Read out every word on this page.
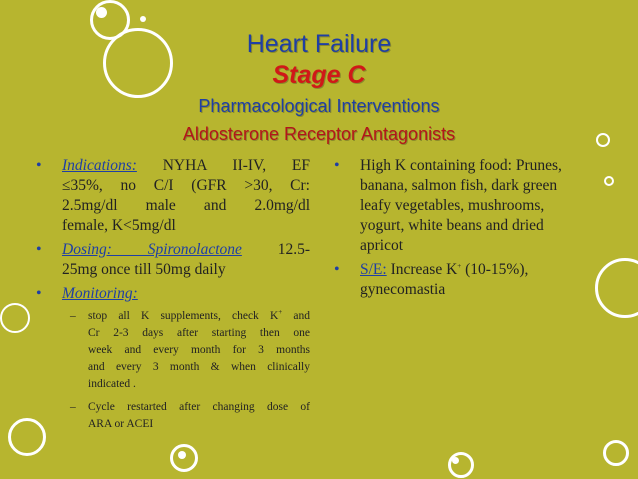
Heart Failure
Stage C
Pharmacological Interventions
Aldosterone Receptor Antagonists
• Indications: NYHA II-IV, EF
≤35%, no C/I (GFR >30, Cr:
2.5mg/dl male and 2.0mg/dl
female, K<5mg/dl
• Dosing: Spironolactone 12.5-
25mg once till 50mg daily
• Monitoring:
– stop all K supplements, check K+ and
Cr 2-3 days after starting then one
week and every month for 3 months
and every 3 month & when clinically
indicated .
– Cycle restarted after changing dose of
ARA or ACEI
• High K containing food: Prunes,
banana, salmon fish, dark green
leafy vegetables, mushrooms,
yogurt, white beans and dried
apricot
• S/E: Increase K+ (10-15%),
gynecomastia
